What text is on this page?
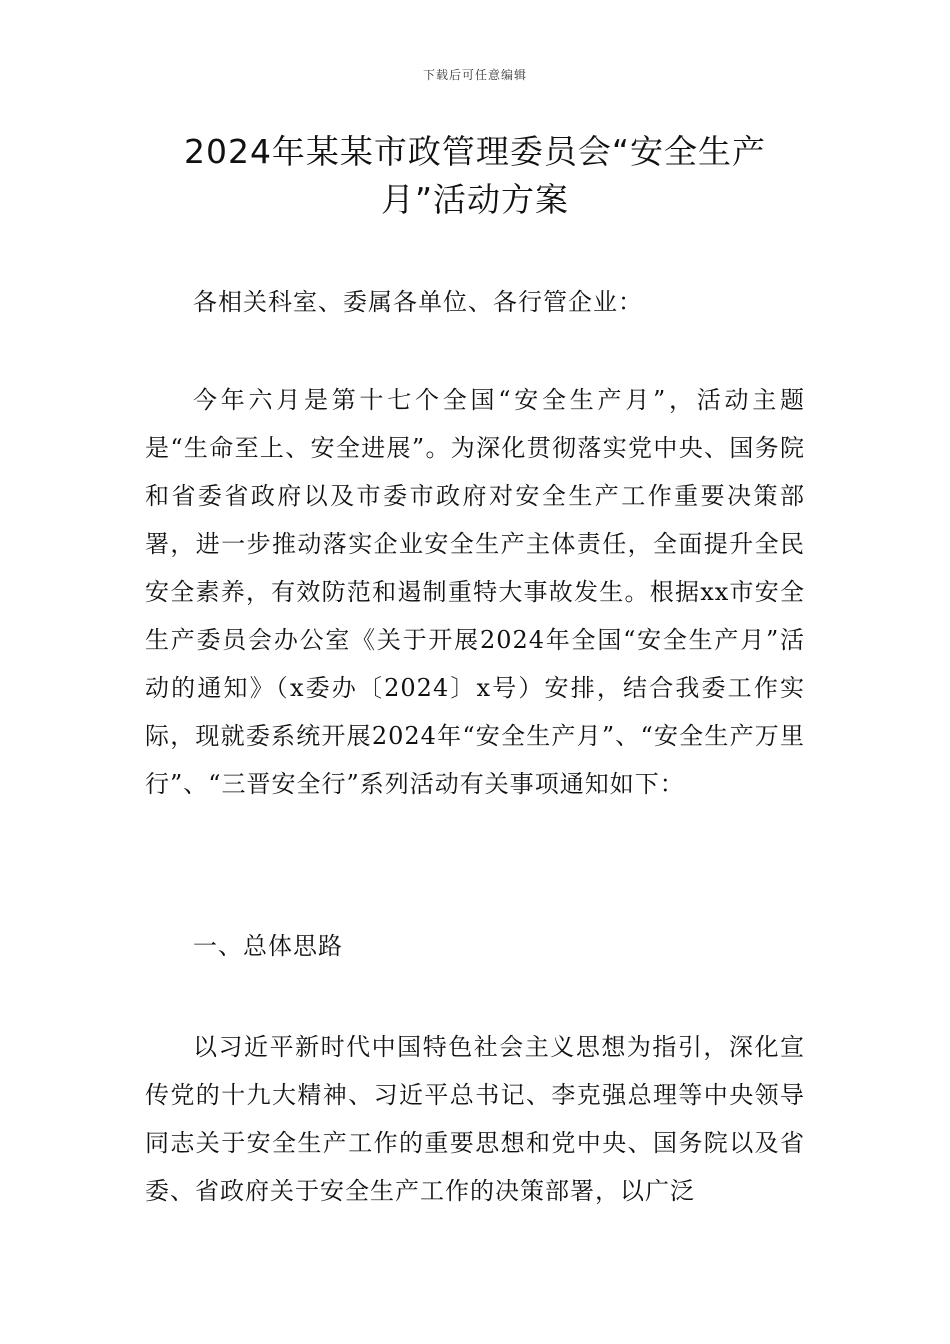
下载后可任意编辑
2024年某某市政管理委员会“安全生产月”活动方案

各相关科室、委属各单位、各行管企业：

今年六月是第十七个全国“安全生产月”，活动主题是“生命至上、安全进展”。为深化贯彻落实党中央、国务院和省委省政府以及市委市政府对安全生产工作重要决策部署，进一步推动落实企业安全生产主体责任，全面提升全民安全素养，有效防范和遏制重特大事故发生。根据xx市安全生产委员会办公室《关于开展2024年全国“安全生产月”活动的通知》（x委办〔2024〕x号）安排，结合我委工作实际，现就委系统开展2024年“安全生产月”、“安全生产万里行”、“三晋安全行”系列活动有关事项通知如下：

一、总体思路

以习近平新时代中国特色社会主义思想为指引，深化宣传党的十九大精神、习近平总书记、李克强总理等中央领导同志关于安全生产工作的重要思想和党中央、国务院以及省委、省政府关于安全生产工作的决策部署，以广泛
